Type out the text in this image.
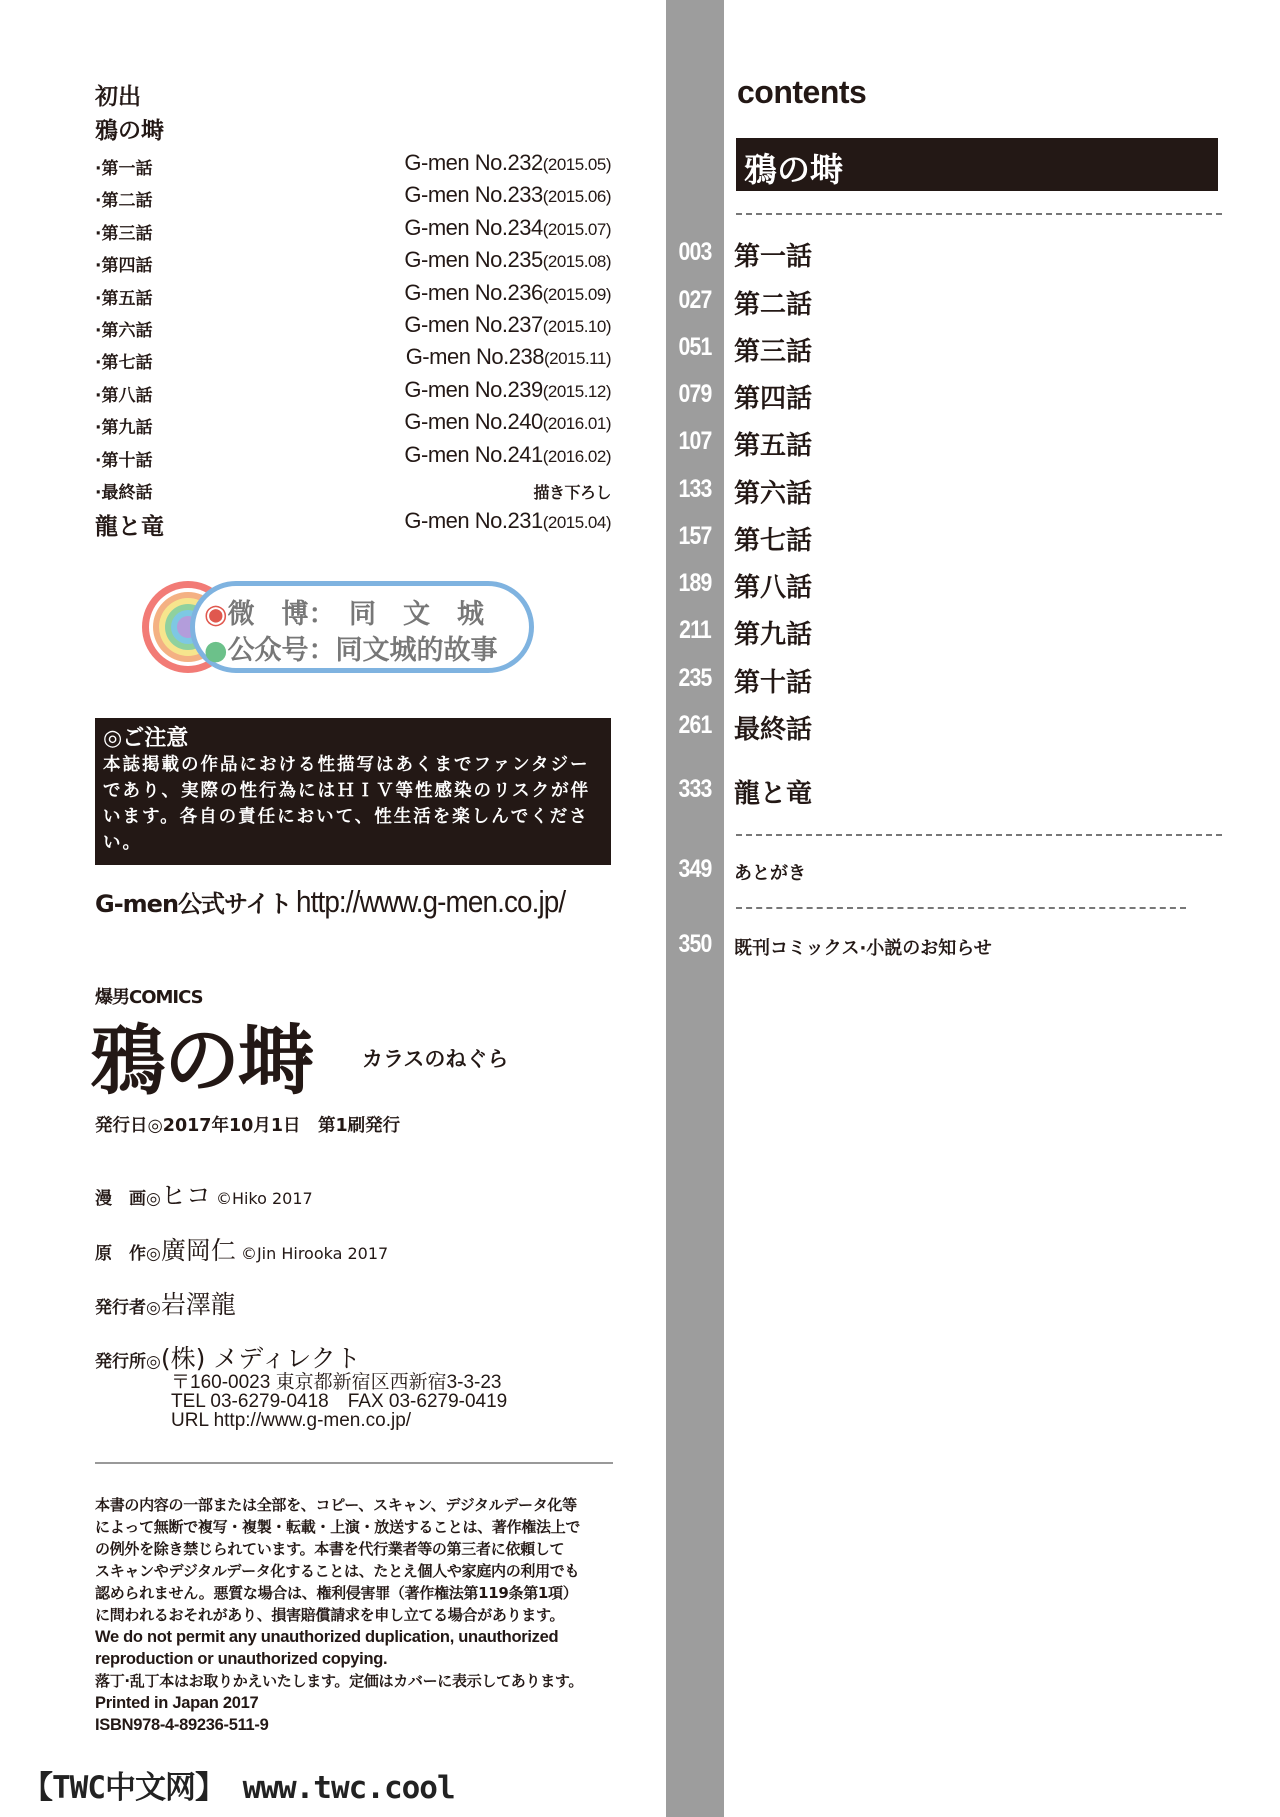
初出
鴉の塒
·第一話	G-men No.232(2015.05)
·第二話	G-men No.233(2015.06)
·第三話	G-men No.234(2015.07)
·第四話	G-men No.235(2015.08)
·第五話	G-men No.236(2015.09)
·第六話	G-men No.237(2015.10)
·第七話	G-men No.238(2015.11)
·第八話	G-men No.239(2015.12)
·第九話	G-men No.240(2016.01)
·第十話	G-men No.241(2016.02)
·最終話	描き下ろし
龍と竜	G-men No.231(2015.04)
◉微　博：　同　文　城
●公众号：同文城的故事
◎ご注意
本誌掲載の作品における性描写はあくまでファンタジーであり、実際の性行為にはＨＩＶ等性感染のリスクが伴います。各自の責任において、性生活を楽しんでください。
G-men公式サイト http://www.g-men.co.jp/
爆男COMICS
鴉の塒 カラスのねぐら
発行日◎2017年10月1日　第1刷発行
漫　画◎ヒコ ©Hiko 2017
原　作◎廣岡仁 ©Jin Hirooka 2017
発行者◎岩澤龍
発行所◎(株) メディレクト
〒160-0023 東京都新宿区西新宿3-3-23
TEL 03-6279-0418　FAX 03-6279-0419
URL http://www.g-men.co.jp/
本書の内容の一部または全部を、コピー、スキャン、デジタルデータ化等
によって無断で複写・複製・転載・上演・放送することは、著作権法上で
の例外を除き禁じられています。本書を代行業者等の第三者に依頼して
スキャンやデジタルデータ化することは、たとえ個人や家庭内の利用でも
認められません。悪質な場合は、権利侵害罪（著作権法第119条第1項）
に問われるおそれがあり、損害賠償請求を申し立てる場合があります。
We do not permit any unauthorized duplication, unauthorized
reproduction or unauthorized copying.
落丁·乱丁本はお取りかえいたします。定価はカバーに表示してあります。
Printed in Japan 2017
ISBN978-4-89236-511-9
【TWC中文网】 www.twc.cool
contents
鴉の塒
003 第一話
027 第二話
051 第三話
079 第四話
107 第五話
133 第六話
157 第七話
189 第八話
211 第九話
235 第十話
261 最終話
333 龍と竜
349	あとがき
350	既刊コミックス·小説のお知らせ
